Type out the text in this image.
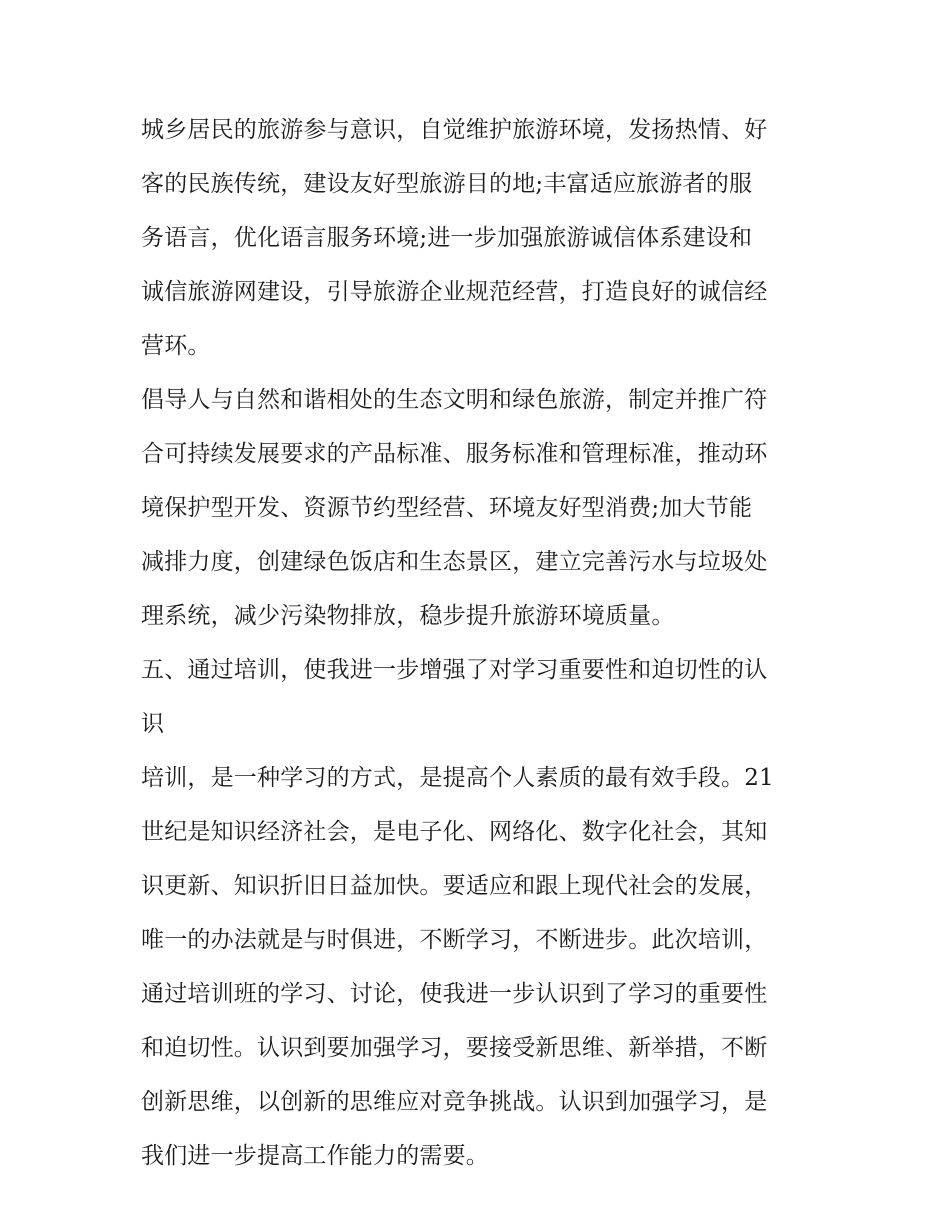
城乡居民的旅游参与意识，自觉维护旅游环境，发扬热情、好
客的民族传统，建设友好型旅游目的地;丰富适应旅游者的服
务语言，优化语言服务环境;进一步加强旅游诚信体系建设和
诚信旅游网建设，引导旅游企业规范经营，打造良好的诚信经
营环。
倡导人与自然和谐相处的生态文明和绿色旅游，制定并推广符
合可持续发展要求的产品标准、服务标准和管理标准，推动环
境保护型开发、资源节约型经营、环境友好型消费;加大节能
减排力度，创建绿色饭店和生态景区，建立完善污水与垃圾处
理系统，减少污染物排放，稳步提升旅游环境质量。
五、通过培训，使我进一步增强了对学习重要性和迫切性的认
识
培训，是一种学习的方式，是提高个人素质的最有效手段。21
世纪是知识经济社会，是电子化、网络化、数字化社会，其知
识更新、知识折旧日益加快。要适应和跟上现代社会的发展，
唯一的办法就是与时俱进，不断学习，不断进步。此次培训，
通过培训班的学习、讨论，使我进一步认识到了学习的重要性
和迫切性。认识到要加强学习，要接受新思维、新举措，不断
创新思维，以创新的思维应对竞争挑战。认识到加强学习，是
我们进一步提高工作能力的需要。
